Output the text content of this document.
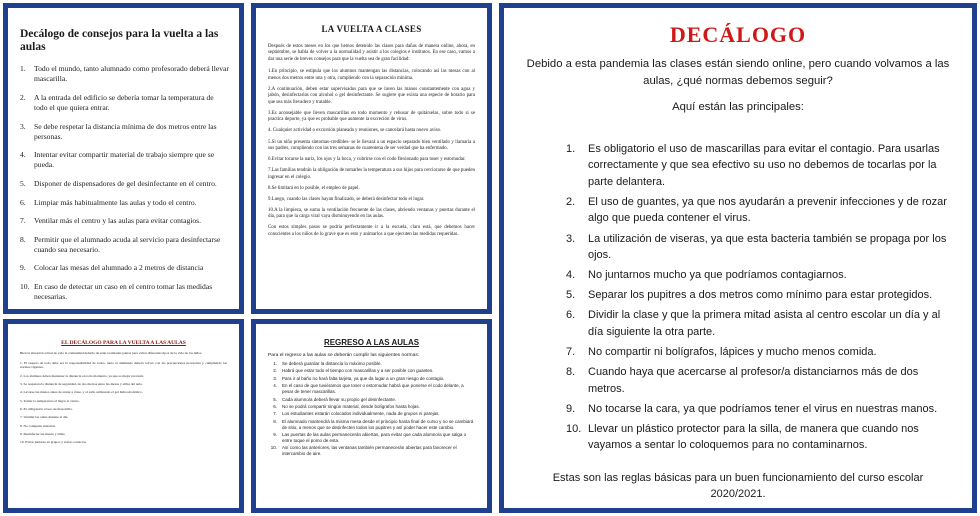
Decálogo de consejos para la vuelta a las aulas
1.	Todo el mundo, tanto alumnado como profesorado deberá llevar mascarilla.
2.	A la entrada del edificio se debería tomar la temperatura de todo el que quiera entrar.
3.	Se debe respetar la distancia mínima de dos metros entre las personas.
4.	Intentar evitar compartir material de trabajo siempre que se pueda.
5.	Disponer de dispensadores de gel desinfectante en el centro.
6.	Limpiar más habitualmente las aulas y todo el centro.
7.	Ventilar más el centro y las aulas para evitar contagios.
8.	Permitir que el alumnado acuda al servicio para desinfectarse cuando sea necesario.
9.	Colocar las mesas del alumnado a 2 metros de distancia
10. En caso de detectar un caso en el centro tomar las medidas necesarias.
LA VUELTA A CLASES

Después de estos meses en los que hemos detenido las clases para dañas de manera online, ahora, en septiembre, se habla de volver a la normalidad y asistir a los colegios e institutos. En ese caso, vamos a dar una serie de breves consejos para que la vuelta sea de gran facilidad:

1.En principio, se estipula que los alumnos mantengan las distancias, colocando así las mesas con al menos dos metros entre una y otra, cumpliendo con la separación mínima.

2.A continuación, deben estar supervisados para que se laven las manos constantemente con agua y jabón, desinfectarlas con alcohol o gel desinfectante. Se sugiere que exista una especie de horario para que sea más llevadero y tratable.

3.Es aconsejable que lleven mascarillas en todo momento y rehusar de quitárselas, sobre todo si se practica deporte, ya que es probable que aumente la excreción de virus.

4. Cualquier actividad o excursión planeada y reuniones, se cancelará hasta nuevo aviso.

5.Si un niño presenta síntomas-credibles- se le llevará a un espacio separado bien ventilado y llamaría a sus padres, cumpliendo con las tres semanas de cuarentena de ser verdad que ha enfermado.

6.Evitar tocarse la nariz, los ojos y la boca, y cubrirse con el codo flexionado para toser y estornudar.

7.Las familias tendrán la obligación de tomarles la temperatura a sus hijos para cerciorarse de que pueden ingresar en el colegio.

8.Se limitará en lo posible, el empleo de papel.

9.Luego, cuando las clases hayan finalizado, se deberá desinfectar todo el lugar.

10.A la limpieza, se suma la ventilación frecuente de las clases, abriendo ventanas y puertas durante el día, para que la carga viral vaya disminuyendo en las aulas.

Con estos simples pasos se podría perfectamente ir a la escuela, claro está, que debemos hacer conscientes a los niños de lo grave que es esto y animarlos a que ejecuten las medidas requeridas.

EL DECÁLOGO PARA LA VUELTA A LAS AULAS

Bien la situación actual de toda la comunidad debería de estar realizadas pautas para evitar diferentes tipos de la vida de los niños.

1. El respeto de toda debe ser la responsabilidad de todos, tanto el alumnado deberá volver con las precauciones necesarias y cumpliendo las normas vigentes.

2. Los alumnos deben mantener la distancia en todo momento, ya que es mejor prevenir.

3. Se respetara la distancia de seguridad, de dos metros entre las mesas y sillas del aula.

4. Lavarse las manos antes de entrar a clase, y al salir, utilizando el gel hidroalcohólico.

5. Tomar la temperatura al llegar al centro.

6. Es obligatorio el uso de mascarilla.

7. Ventilar las aulas durante el día.

8. No compartir material.

9. Desinfectar las mesas y sillas.

10. Evitar juntarse en grupos y evitar contactos.

REGRESO A LAS AULAS
Para el regreso a las aulas se deberán cumplir las siguientes normas:
1.	Se deberá guardar la distancia lo máximo posible.
2.	Habrá que estar todo el tiempo con mascarillas y a ser posible con guantes.
3.	Para ir al baño no hará falta tarjeta, ya que da lugar a un gran riesgo de contagio.
4.	En el caso de que tuviéramos que toser o estornudar habrá que ponerse el codo delante, a pesar de tener mascarillas.
5.	Cada alumno/a deberá llevar su propio gel desinfectante.
6.	No se podrá compartir ningún material, desde bolígrafos hasta hojas.
7.	Los estudiantes estarán colocados individualmente, nada de grupos ni parejas.
8.	El alumnado mantendrá la misma mesa desde el principio hasta final de curso y no se cambiará de sitio, a menos que se desinfecten todos los pupitres y así poder hacer este cambio.
9.	Las puertas de las aulas permanecerán abiertas, para evitar que cada alumno/a que salga o entre toque el pomo de esta.
10.	Así como las anteriores, las ventanas también permanecerán abiertas para favorecer el intercambio de aire.
DECÁLOGO
Debido a esta pandemia las clases están siendo online, pero cuando volvamos a las aulas, ¿qué normas debemos seguir?
Aquí están las principales:
1.	Es obligatorio el uso de mascarillas para evitar el contagio. Para usarlas correctamente y que sea efectivo su uso no debemos de tocarlas por la parte delantera.
2.	El uso de guantes, ya que nos ayudarán a prevenir infecciones y de rozar algo que pueda contener el virus.
3.	La utilización de viseras, ya que esta bacteria también se propaga por los ojos.
4.	No juntarnos mucho ya que podríamos contagiarnos.
5.	Separar los pupitres a dos metros como mínimo para estar protegidos.
6.	Dividir la clase y que la primera mitad asista al centro escolar un día y al día siguiente la otra parte.
7.	No compartir ni bolígrafos, lápices y mucho menos comida.
8.	Cuando haya que acercarse al profesor/a distanciarnos más de dos metros.
9.	No tocarse la cara, ya que podríamos tener el virus en nuestras manos.
10. Llevar un plástico protector para la silla, de manera que cuando nos vayamos a sentar lo coloquemos para no contaminarnos.
Estas son las reglas básicas para un buen funcionamiento del curso escolar 2020/2021.
